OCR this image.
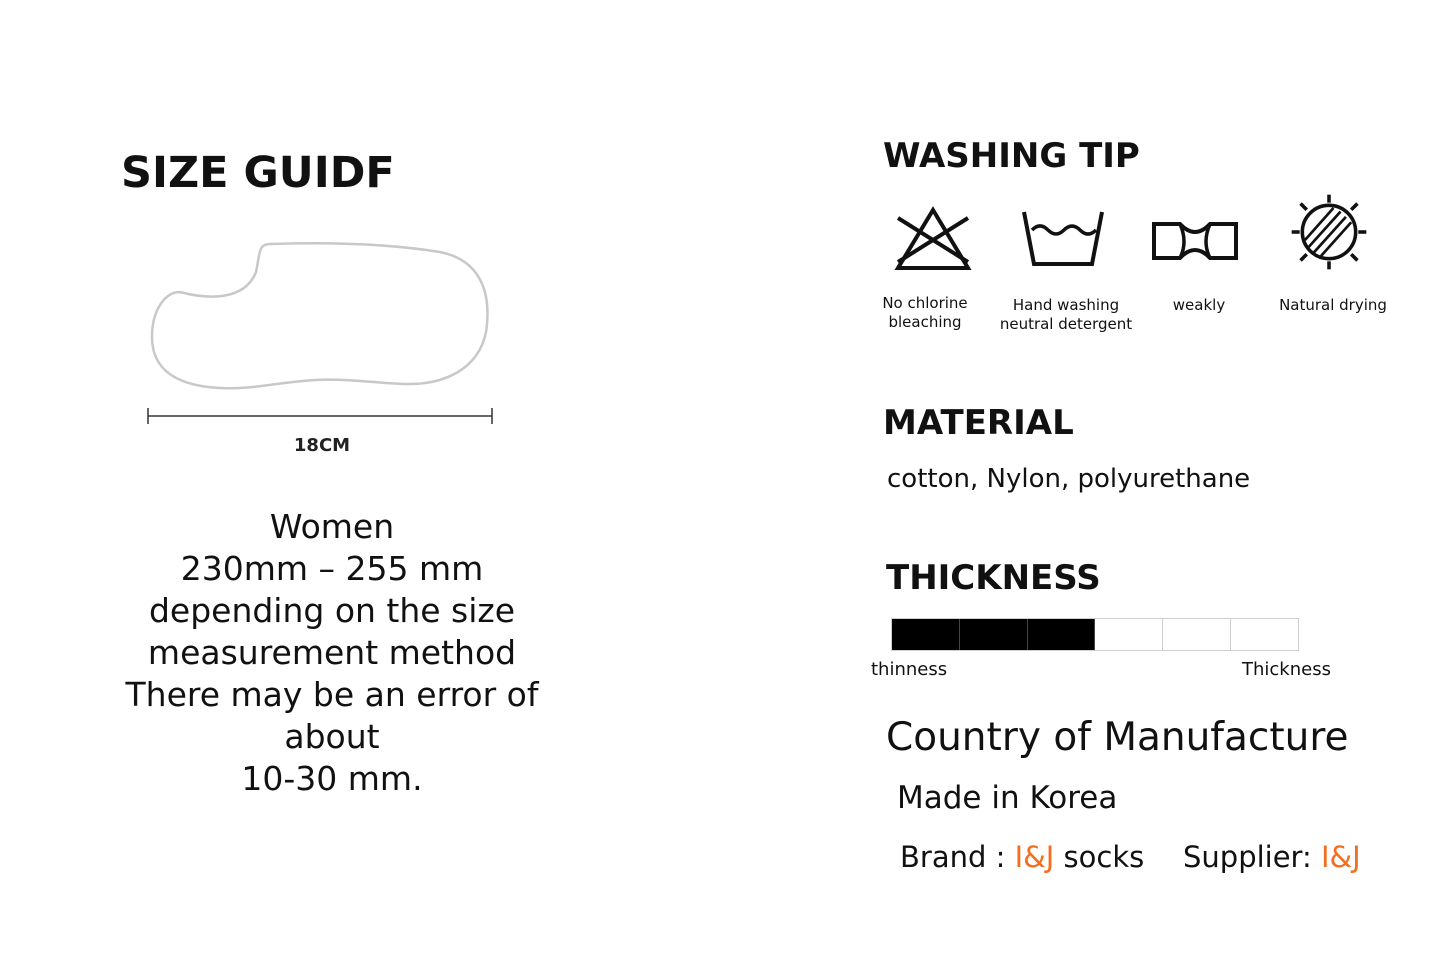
SIZE GUIDF
18CM
Women
230mm – 255 mm
depending on the size
measurement method
There may be an error of
about
10-30 mm.
WASHING TIP
No chlorine
bleaching
Hand washing
neutral detergent
weakly	Natural drying
MATERIAL
cotton, Nylon, polyurethane
THICKNESS
thinness	Thickness
Country of Manufacture
Made in Korea
Brand : I&J socks Supplier: I&J
